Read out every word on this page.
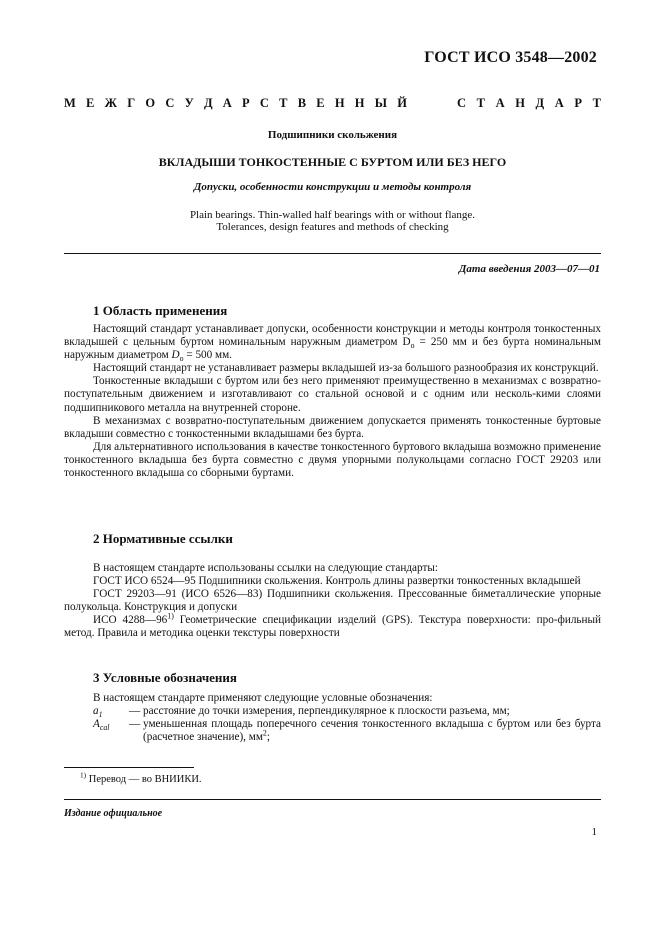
ГОСТ ИСО 3548—2002
М Е Ж Г О С У Д А Р С Т В Е Н Н Ы Й	С Т А Н Д А Р Т
Подшипники скольжения
ВКЛАДЫШИ ТОНКОСТЕННЫЕ С БУРТОМ ИЛИ БЕЗ НЕГО
Допуски, особенности конструкции и методы контроля
Plain bearings. Thin-walled half bearings with or without flange.
Tolerances, design features and methods of checking
Дата введения 2003—07—01
1 Область применения

Настоящий стандарт устанавливает допуски, особенности конструкции и методы контроля тонкостенных вкладышей с цельным буртом номинальным наружным диаметром $D_o = 250$ мм и без бурта номинальным наружным диаметром $D_o = 500$ мм.

Настоящий стандарт не устанавливает размеры вкладышей из-за большого разнообразия их конструкций.

Тонкостенные вкладыши с буртом или без него применяют преимущественно в механизмах с возвратно-поступательным движением и изготавливают со стальной основой и с одним или несколь-кими слоями подшипникового металла на внутренней стороне.

В механизмах с возвратно-поступательным движением допускается применять тонкостенные буртовые вкладыши совместно с тонкостенными вкладышами без бурта.

Для альтернативного использования в качестве тонкостенного буртового вкладыша возможно применение тонкостенного вкладыша без бурта совместно с двумя упорными полукольцами согласно ГОСТ 29203 или тонкостенного вкладыша со сборными буртами.

2 Нормативные ссылки

В настоящем стандарте использованы ссылки на следующие стандарты:

ГОСТ ИСО 6524—95 Подшипники скольжения. Контроль длины развертки тонкостенных вкладышей

ГОСТ 29203—91 (ИСО 6526—83) Подшипники скольжения. Прессованные биметаллические упорные полукольца. Конструкция и допуски

ИСО 4288—96$^{1)}$ Геометрические спецификации изделий (GPS). Текстура поверхности: про-фильный метод. Правила и методика оценки текстуры поверхности

3 Условные обозначения
В настоящем стандарте применяют следующие условные обозначения:
$a_1$	— расстояние до точки измерения, перпендикулярное к плоскости разъема, мм;
$A_{cal}$	— уменьшенная площадь поперечного сечения тонкостенного вкладыша с буртом или без бурта (расчетное значение), $мм^2$;
$^{1)}$ Перевод — во ВНИИКИ.
Издание официальное
1
